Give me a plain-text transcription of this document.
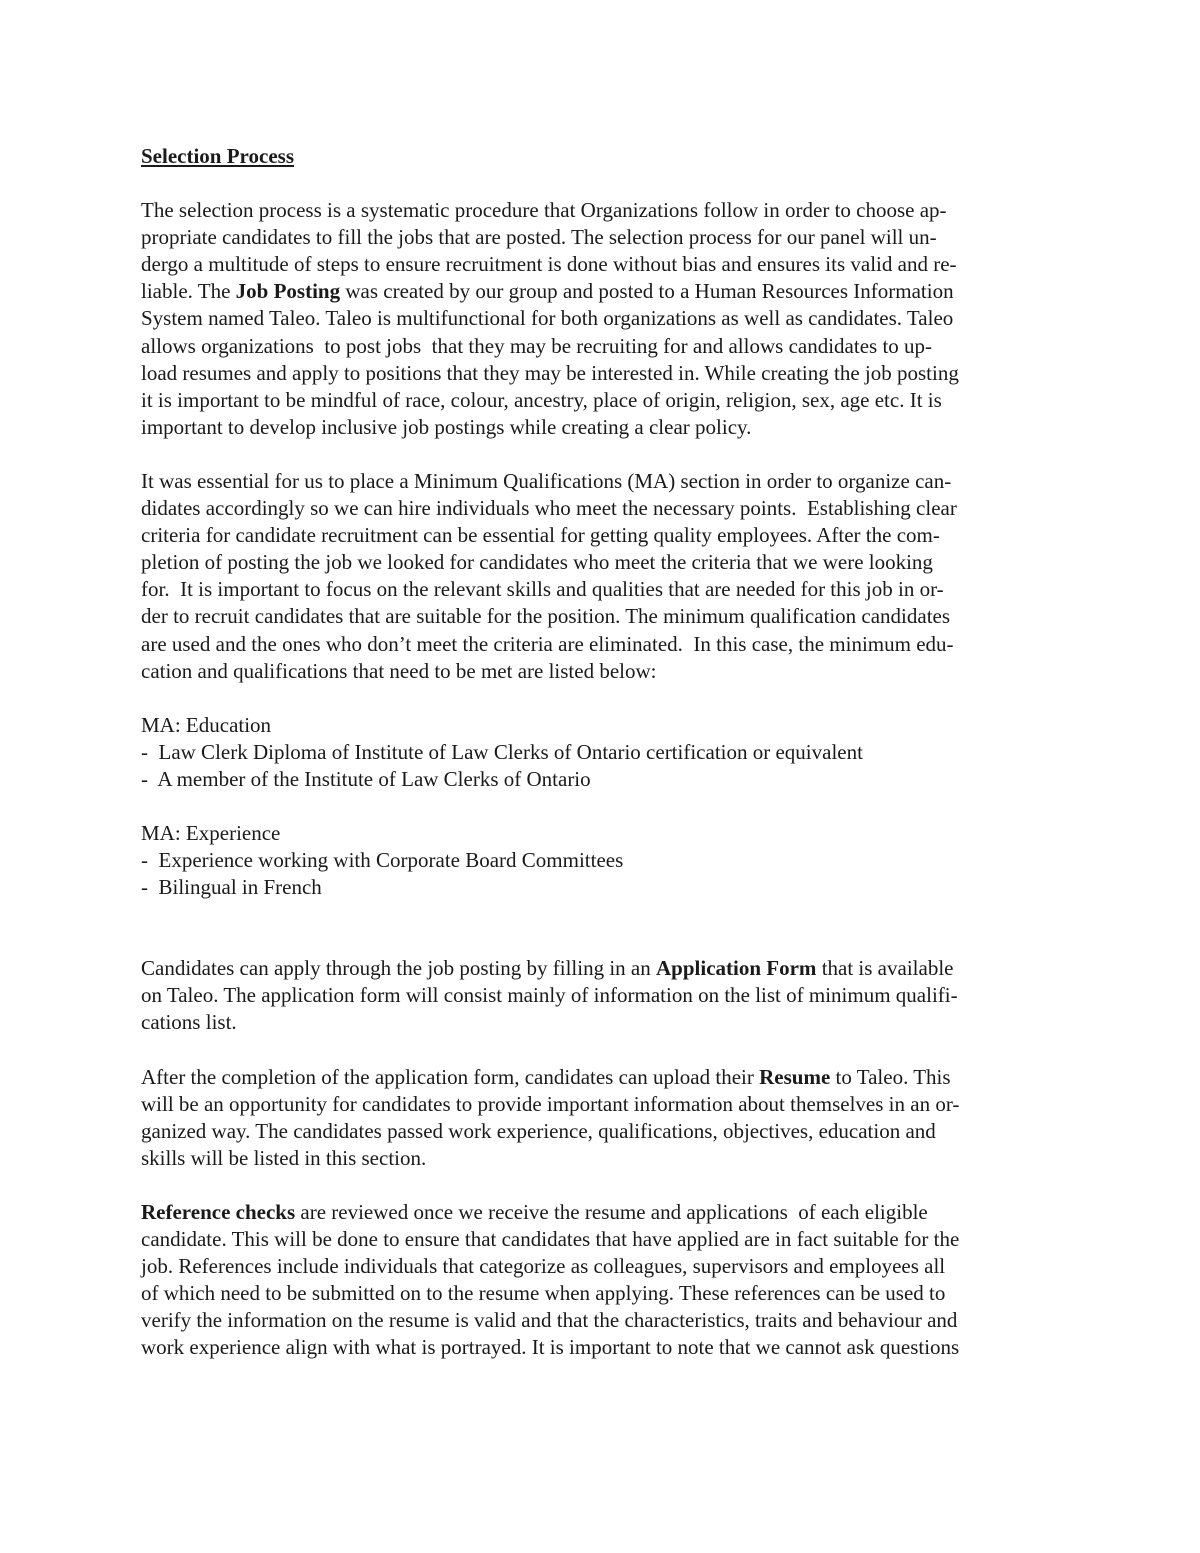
Selection Process
The selection process is a systematic procedure that Organizations follow in order to choose ap-
propriate candidates to fill the jobs that are posted. The selection process for our panel will un-
dergo a multitude of steps to ensure recruitment is done without bias and ensures its valid and re-
liable. The Job Posting was created by our group and posted to a Human Resources Information
System named Taleo. Taleo is multifunctional for both organizations as well as candidates. Taleo
allows organizations  to post jobs  that they may be recruiting for and allows candidates to up-
load resumes and apply to positions that they may be interested in. While creating the job posting
it is important to be mindful of race, colour, ancestry, place of origin, religion, sex, age etc. It is
important to develop inclusive job postings while creating a clear policy.
It was essential for us to place a Minimum Qualifications (MA) section in order to organize can-
didates accordingly so we can hire individuals who meet the necessary points.  Establishing clear
criteria for candidate recruitment can be essential for getting quality employees. After the com-
pletion of posting the job we looked for candidates who meet the criteria that we were looking
for.  It is important to focus on the relevant skills and qualities that are needed for this job in or-
der to recruit candidates that are suitable for the position. The minimum qualification candidates
are used and the ones who don’t meet the criteria are eliminated.  In this case, the minimum edu-
cation and qualifications that need to be met are listed below:
MA: Education
-  Law Clerk Diploma of Institute of Law Clerks of Ontario certification or equivalent
-  A member of the Institute of Law Clerks of Ontario
MA: Experience
-  Experience working with Corporate Board Committees
-  Bilingual in French
Candidates can apply through the job posting by filling in an Application Form that is available
on Taleo. The application form will consist mainly of information on the list of minimum qualifi-
cations list.
After the completion of the application form, candidates can upload their Resume to Taleo. This
will be an opportunity for candidates to provide important information about themselves in an or-
ganized way. The candidates passed work experience, qualifications, objectives, education and
skills will be listed in this section.
Reference checks are reviewed once we receive the resume and applications  of each eligible
candidate. This will be done to ensure that candidates that have applied are in fact suitable for the
job. References include individuals that categorize as colleagues, supervisors and employees all
of which need to be submitted on to the resume when applying. These references can be used to
verify the information on the resume is valid and that the characteristics, traits and behaviour and
work experience align with what is portrayed. It is important to note that we cannot ask questions
